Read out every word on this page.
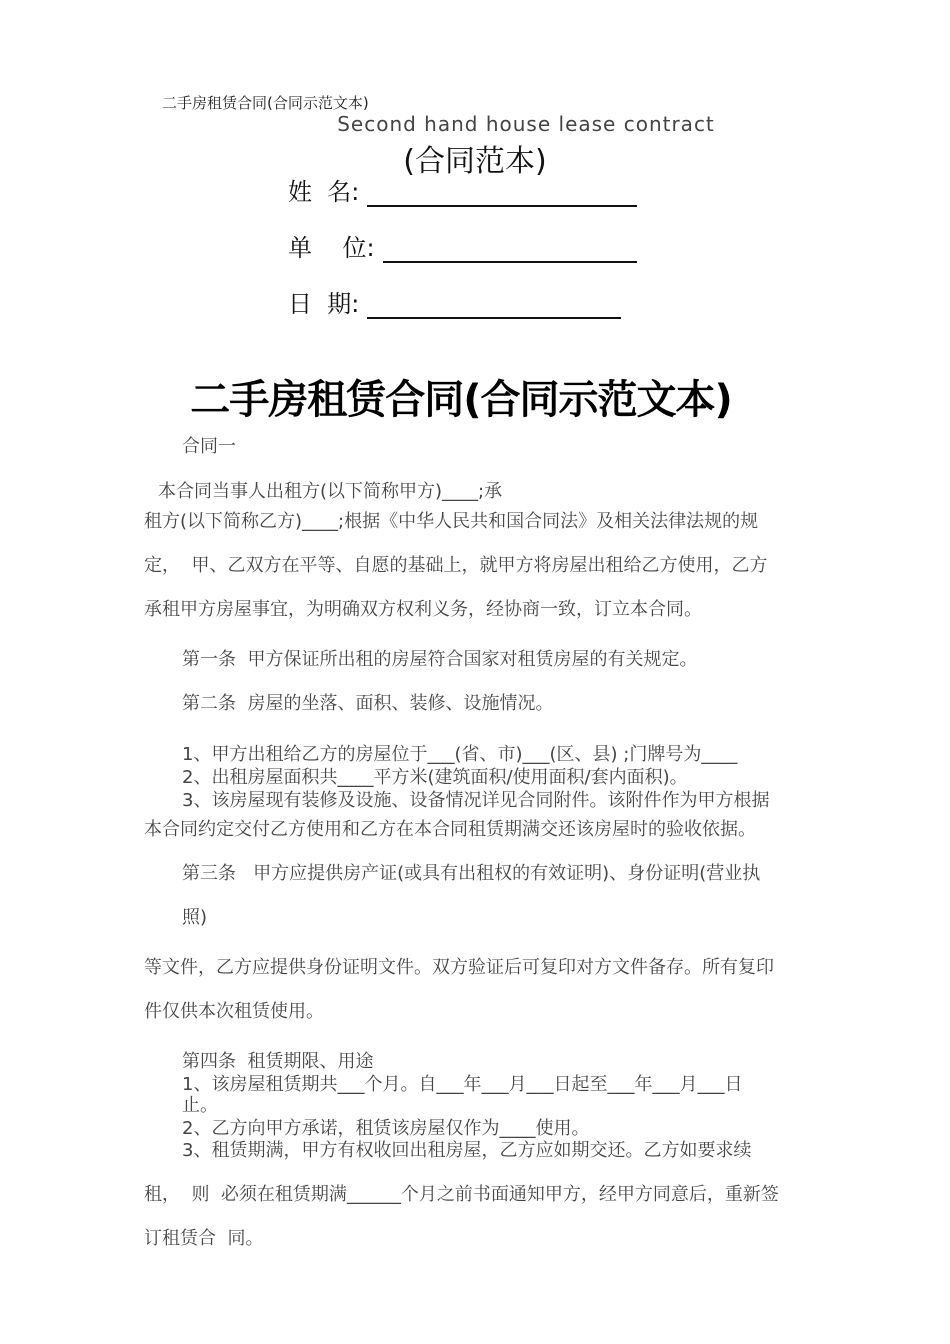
二手房租赁合同(合同示范文本)
Second hand house lease contract
(合同范本)
姓  名:
单    位:
日  期:
二手房租赁合同(合同示范文本)
合同一
本合同当事人出租方(以下简称甲方)____;承
租方(以下简称乙方)____;根据《中华人民共和国合同法》及相关法律法规的规
定，  甲、乙双方在平等、自愿的基础上，就甲方将房屋出租给乙方使用，乙方
承租甲方房屋事宜，为明确双方权利义务，经协商一致，订立本合同。
第一条  甲方保证所出租的房屋符合国家对租赁房屋的有关规定。
第二条  房屋的坐落、面积、装修、设施情况。
1、甲方出租给乙方的房屋位于___(省、市)___(区、县) ;门牌号为____
2、出租房屋面积共____平方米(建筑面积/使用面积/套内面积)。
3、该房屋现有装修及设施、设备情况详见合同附件。该附件作为甲方根据
本合同约定交付乙方使用和乙方在本合同租赁期满交还该房屋时的验收依据。
第三条   甲方应提供房产证(或具有出租权的有效证明)、身份证明(营业执
照)
等文件，乙方应提供身份证明文件。双方验证后可复印对方文件备存。所有复印
件仅供本次租赁使用。
第四条  租赁期限、用途
1、该房屋租赁期共___个月。自___年___月___日起至___年___月___日
止。
2、乙方向甲方承诺，租赁该房屋仅作为____使用。
3、租赁期满，甲方有权收回出租房屋，乙方应如期交还。乙方如要求续
租，  则  必须在租赁期满______个月之前书面通知甲方，经甲方同意后，重新签
订租赁合  同。
